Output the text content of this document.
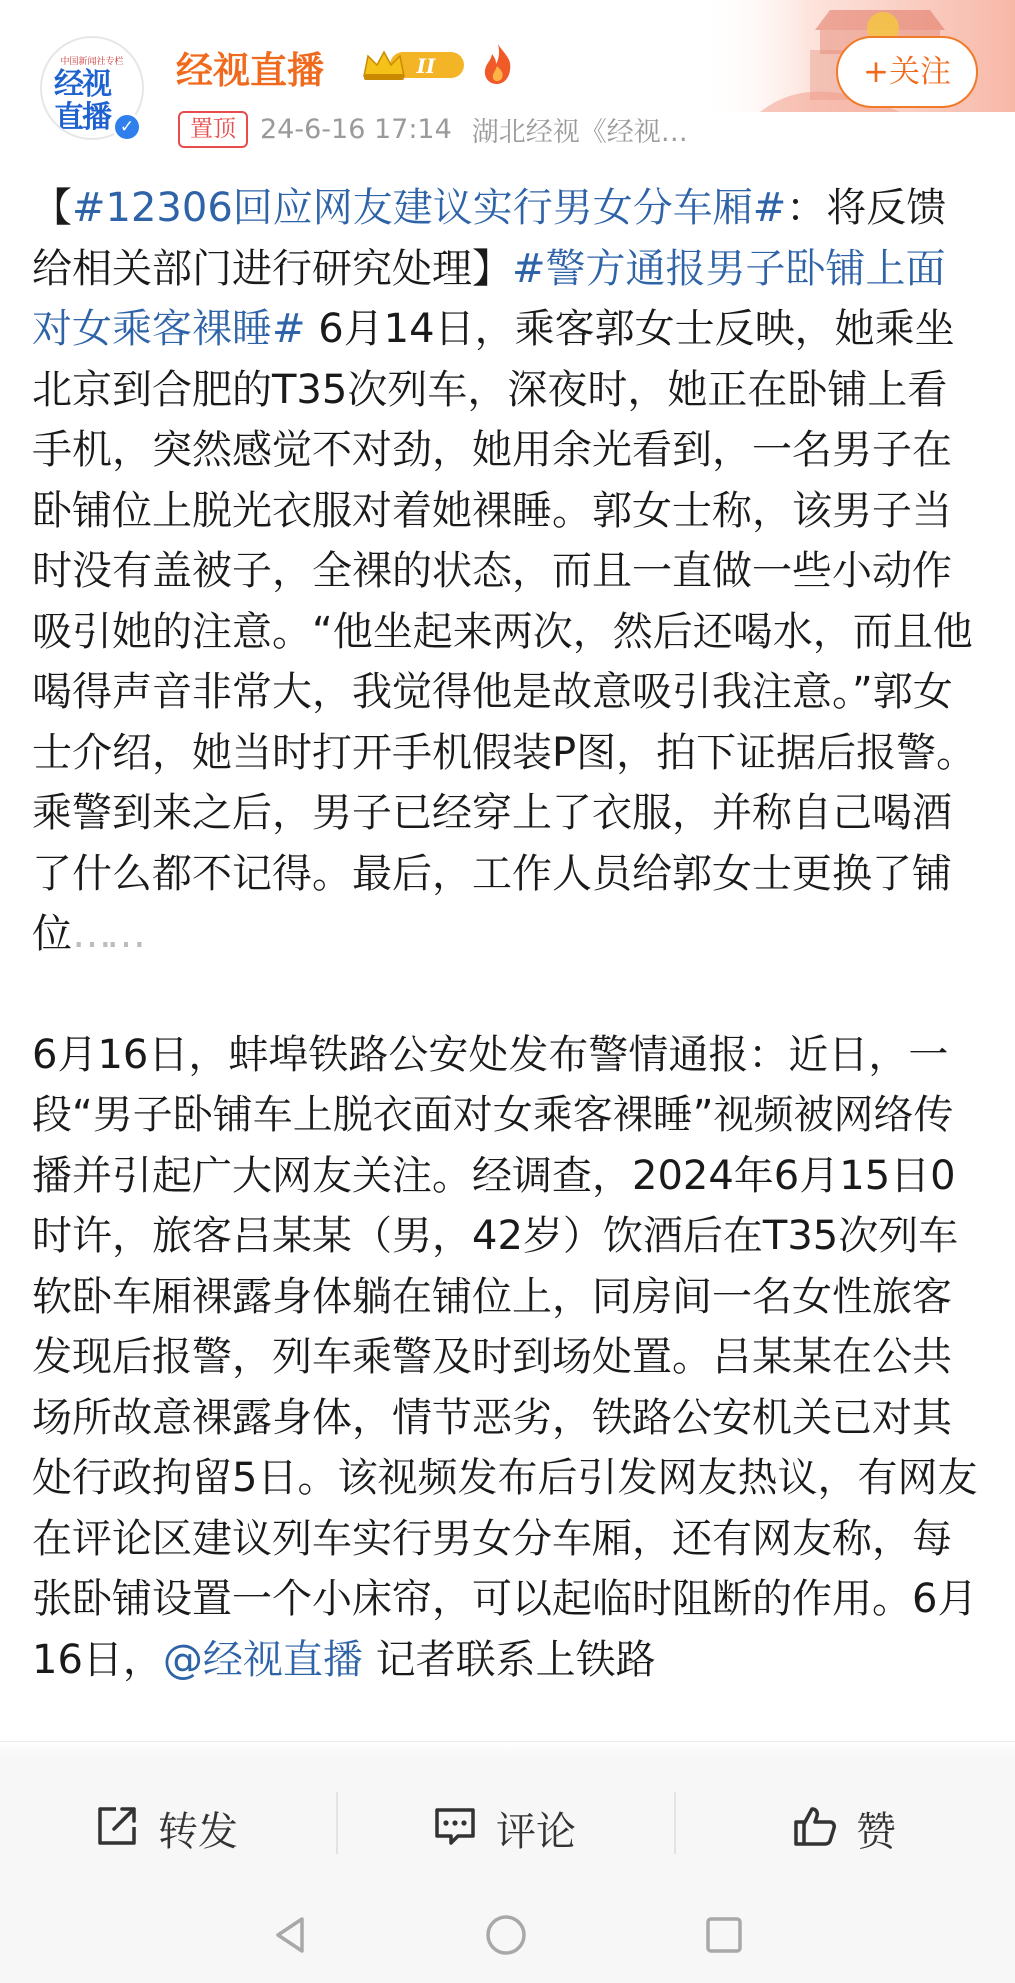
中国新闻社专栏
经视
直播 ✓
经视直播	II
置顶 24-6-16 17:14 湖北经视《经视…
+关注

【#12306回应网友建议实行男女分车厢#：将反馈给相关部门进行研究处理】#警方通报男子卧铺上面对女乘客裸睡# 6月14日，乘客郭女士反映，她乘坐北京到合肥的T35次列车，深夜时，她正在卧铺上看手机，突然感觉不对劲，她用余光看到，一名男子在卧铺位上脱光衣服对着她裸睡。郭女士称，该男子当时没有盖被子，全裸的状态，而且一直做一些小动作吸引她的注意。“他坐起来两次，然后还喝水，而且他喝得声音非常大，我觉得他是故意吸引我注意。”郭女士介绍，她当时打开手机假装P图，拍下证据后报警。乘警到来之后，男子已经穿上了衣服，并称自己喝酒了什么都不记得。最后，工作人员给郭女士更换了铺位……

6月16日，蚌埠铁路公安处发布警情通报：近日，一段“男子卧铺车上脱衣面对女乘客裸睡”视频被网络传播并引起广大网友关注。经调查，2024年6月15日0时许，旅客吕某某（男，42岁）饮酒后在T35次列车软卧车厢裸露身体躺在铺位上，同房间一名女性旅客发现后报警，列车乘警及时到场处置。吕某某在公共场所故意裸露身体，情节恶劣，铁路公安机关已对其处行政拘留5日。该视频发布后引发网友热议，有网友在评论区建议列车实行男女分车厢，还有网友称，每张卧铺设置一个小床帘，可以起临时阻断的作用。6月16日，@经视直播 记者联系上铁路

转发	评论	赞
